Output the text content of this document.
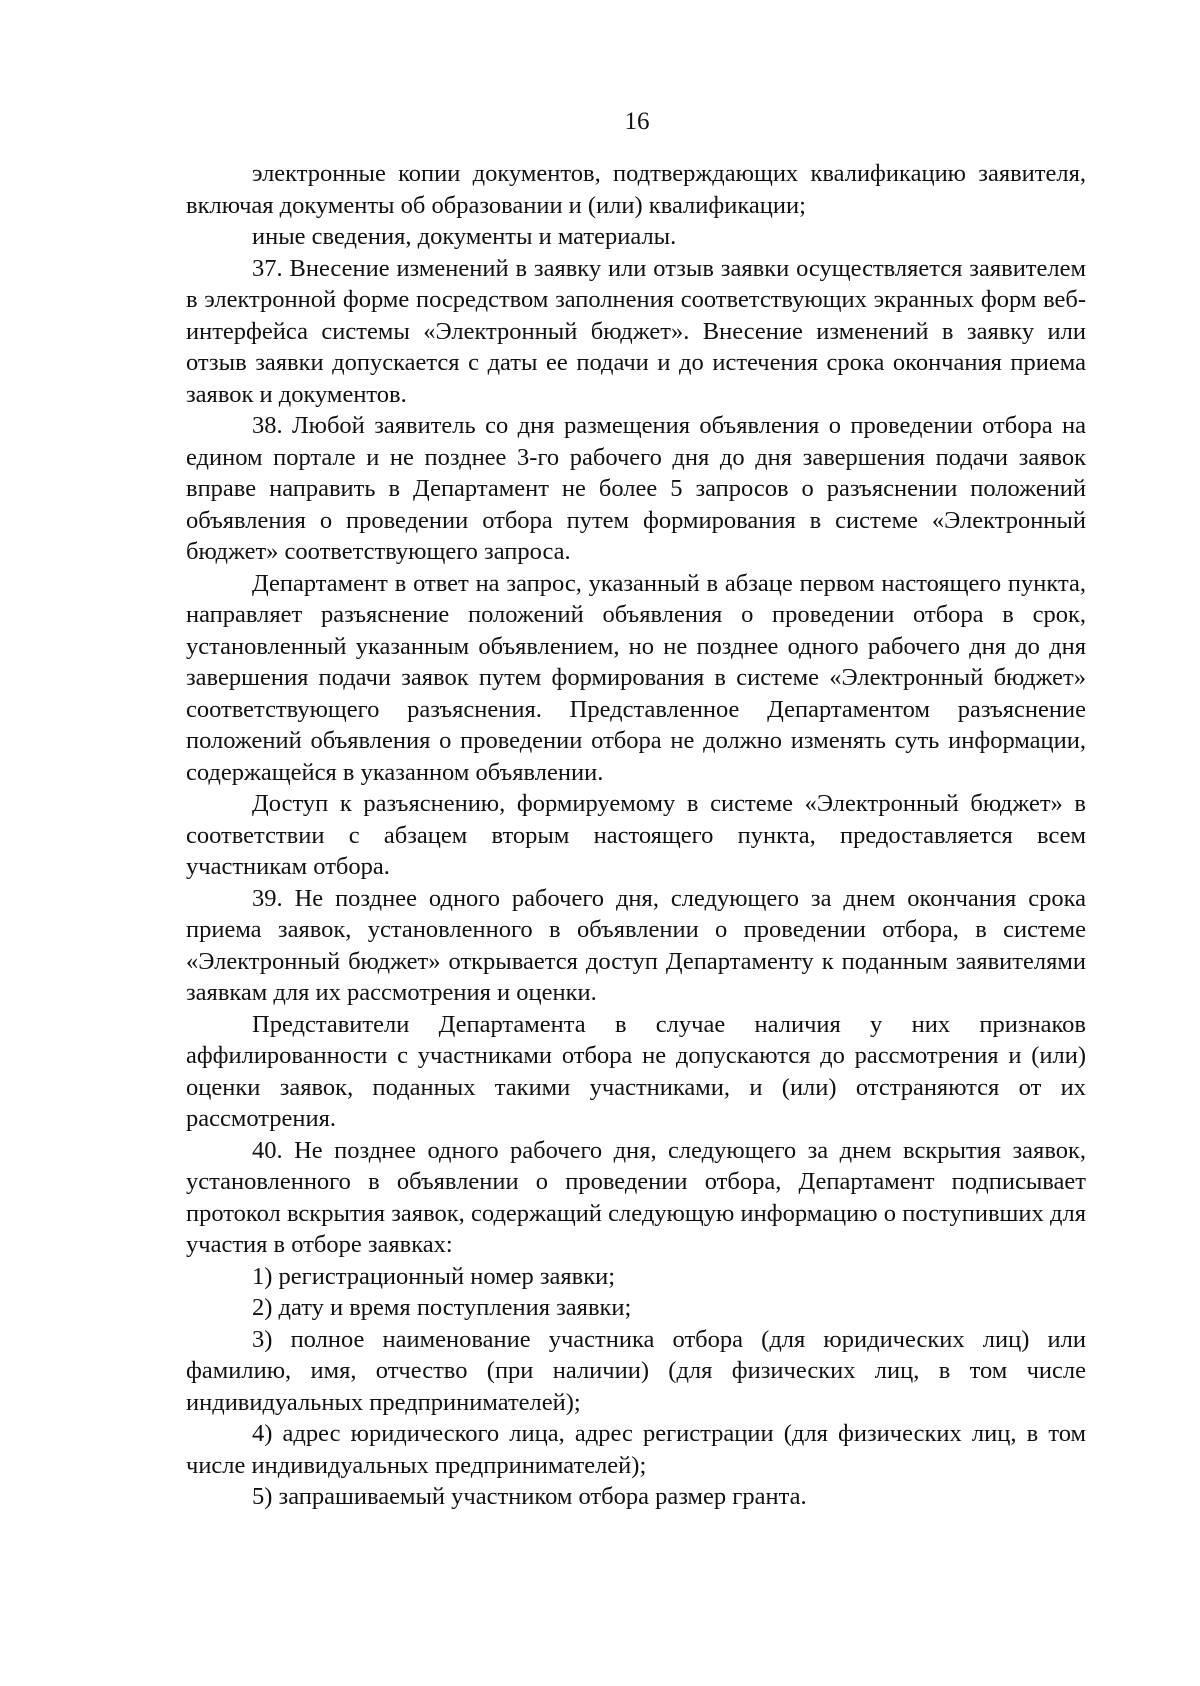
16

электронные копии документов, подтверждающих квалификацию заявителя, включая документы об образовании и (или) квалификации;

иные сведения, документы и материалы.

37. Внесение изменений в заявку или отзыв заявки осуществляется заявителем в электронной форме посредством заполнения соответствующих экранных форм веб-интерфейса системы «Электронный бюджет». Внесение изменений в заявку или отзыв заявки допускается с даты ее подачи и до истечения срока окончания приема заявок и документов.

38. Любой заявитель со дня размещения объявления о проведении отбора на едином портале и не позднее 3-го рабочего дня до дня завершения подачи заявок вправе направить в Департамент не более 5 запросов о разъяснении положений объявления о проведении отбора путем формирования в системе «Электронный бюджет» соответствующего запроса.

Департамент в ответ на запрос, указанный в абзаце первом настоящего пункта, направляет разъяснение положений объявления о проведении отбора в срок, установленный указанным объявлением, но не позднее одного рабочего дня до дня завершения подачи заявок путем формирования в системе «Электронный бюджет» соответствующего разъяснения. Представленное Департаментом разъяснение положений объявления о проведении отбора не должно изменять суть информации, содержащейся в указанном объявлении.

Доступ к разъяснению, формируемому в системе «Электронный бюджет» в соответствии с абзацем вторым настоящего пункта, предоставляется всем участникам отбора.

39. Не позднее одного рабочего дня, следующего за днем окончания срока приема заявок, установленного в объявлении о проведении отбора, в системе «Электронный бюджет» открывается доступ Департаменту к поданным заявителями заявкам для их рассмотрения и оценки.

Представители Департамента в случае наличия у них признаков аффилированности с участниками отбора не допускаются до рассмотрения и (или) оценки заявок, поданных такими участниками, и (или) отстраняются от их рассмотрения.

40. Не позднее одного рабочего дня, следующего за днем вскрытия заявок, установленного в объявлении о проведении отбора, Департамент подписывает протокол вскрытия заявок, содержащий следующую информацию о поступивших для участия в отборе заявках:

1) регистрационный номер заявки;

2) дату и время поступления заявки;

3) полное наименование участника отбора (для юридических лиц) или фамилию, имя, отчество (при наличии) (для физических лиц, в том числе индивидуальных предпринимателей);

4) адрес юридического лица, адрес регистрации (для физических лиц, в том числе индивидуальных предпринимателей);

5) запрашиваемый участником отбора размер гранта.
